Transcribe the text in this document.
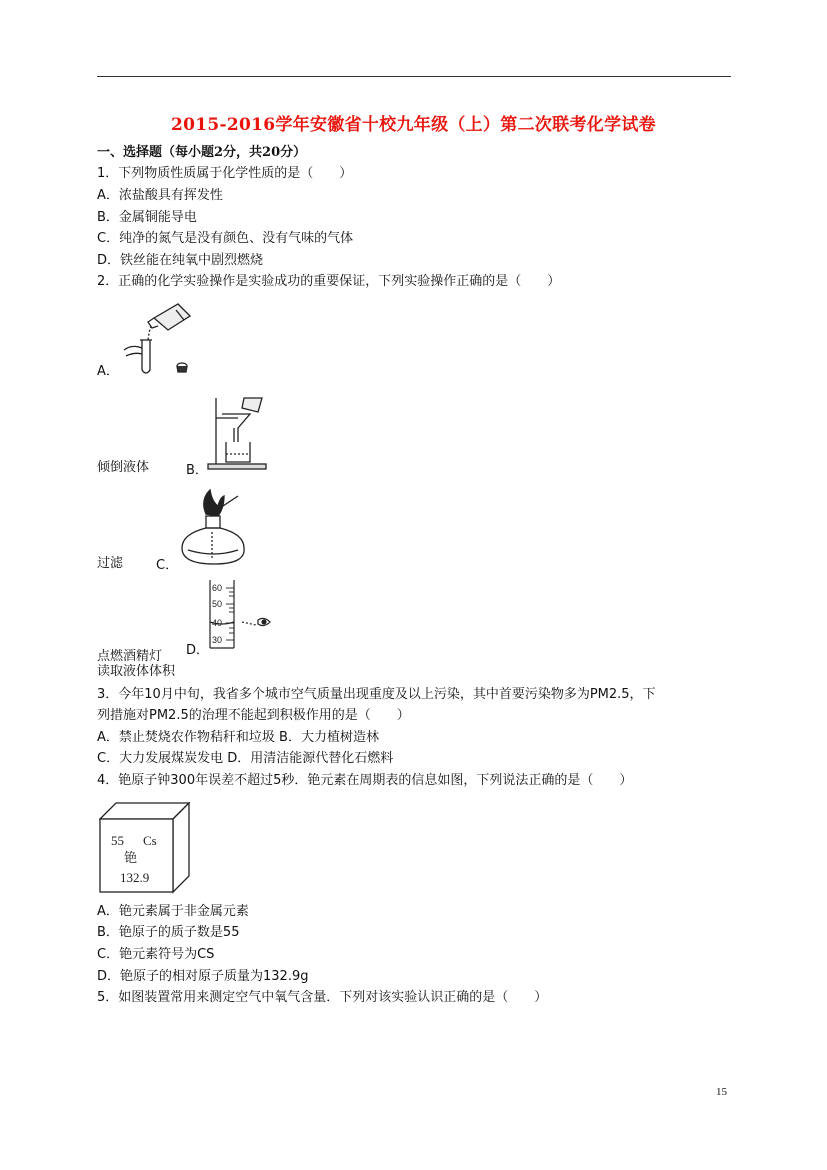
2015-2016学年安徽省十校九年级（上）第二次联考化学试卷
一、选择题（每小题2分，共20分）
1．下列物质性质属于化学性质的是（　　）
A．浓盐酸具有挥发性
B．金属铜能导电
C．纯净的氮气是没有颜色、没有气味的气体
D．铁丝能在纯氧中剧烈燃烧
2．正确的化学实验操作是实验成功的重要保证，下列实验操作正确的是（　　）
A．
倾倒液体	B．
过滤	C．
点燃酒精灯 D．
60
50
40
30
读取液体体积
3．今年10月中旬，我省多个城市空气质量出现重度及以上污染，其中首要污染物多为PM2.5，下
列措施对PM2.5的治理不能起到积极作用的是（　　）
A．禁止焚烧农作物秸秆和垃圾 B．大力植树造林
C．大力发展煤炭发电 D．用清洁能源代替化石燃料
4．铯原子钟300年误差不超过5秒．铯元素在周期表的信息如图，下列说法正确的是（　　）
55 Cs
铯
132.9
A．铯元素属于非金属元素
B．铯原子的质子数是55
C．铯元素符号为CS
D．铯原子的相对原子质量为132.9g
5．如图装置常用来测定空气中氧气含量．下列对该实验认识正确的是（　　）
15
